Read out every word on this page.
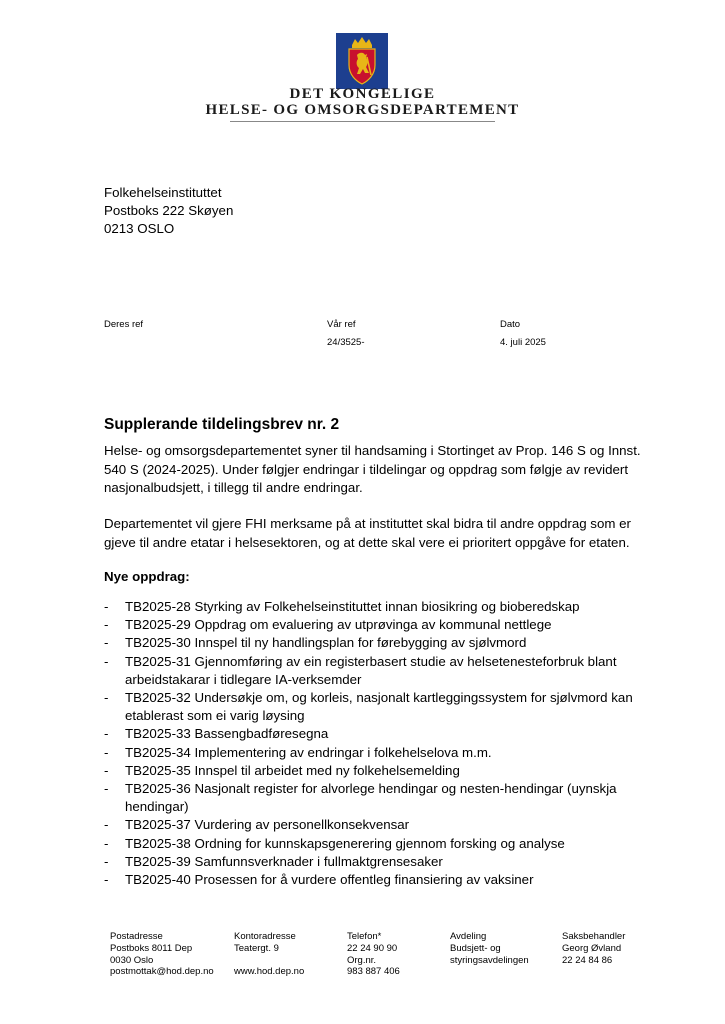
DET KONGELIGE
HELSE- OG OMSORGSDEPARTEMENT
Folkehelseinstituttet
Postboks 222 Skøyen
0213 OSLO
Deres ref	Vår ref
24/3525-
Dato
4. juli 2025
Supplerande tildelingsbrev nr. 2
Helse- og omsorgsdepartementet syner til handsaming i Stortinget av Prop. 146 S og Innst. 540 S (2024-2025). Under følgjer endringar i tildelingar og oppdrag som følgje av revidert nasjonalbudsjett, i tillegg til andre endringar.
Departementet vil gjere FHI merksame på at instituttet skal bidra til andre oppdrag som er gjeve til andre etatar i helsesektoren, og at dette skal vere ei prioritert oppgåve for etaten.
Nye oppdrag:
- TB2025-28 Styrking av Folkehelseinstituttet innan biosikring og bioberedskap
- TB2025-29 Oppdrag om evaluering av utprøvinga av kommunal nettlege
- TB2025-30 Innspel til ny handlingsplan for førebygging av sjølvmord
- TB2025-31 Gjennomføring av ein registerbasert studie av helsetenesteforbruk blant arbeidstakarar i tidlegare IA-verksemder
- TB2025-32 Undersøkje om, og korleis, nasjonalt kartleggingssystem for sjølvmord kan etablerast som ei varig løysing
- TB2025-33 Bassengbadføresegna
- TB2025-34 Implementering av endringar i folkehelselova m.m.
- TB2025-35 Innspel til arbeidet med ny folkehelsemelding
- TB2025-36 Nasjonalt register for alvorlege hendingar og nesten-hendingar (uynskja hendingar)
- TB2025-37 Vurdering av personellkonsekvensar
- TB2025-38 Ordning for kunnskapsgenerering gjennom forsking og analyse
- TB2025-39 Samfunnsverknader i fullmaktgrensesaker
- TB2025-40 Prosessen for å vurdere offentleg finansiering av vaksiner
Postadresse
Postboks 8011 Dep
0030 Oslo
postmottak@hod.dep.no
Kontoradresse
Teatergt. 9
www.hod.dep.no
Telefon*
22 24 90 90
Org.nr.
983 887 406
Avdeling
Budsjett- og
styringsavdelingen
Saksbehandler
Georg Øvland
22 24 84 86
